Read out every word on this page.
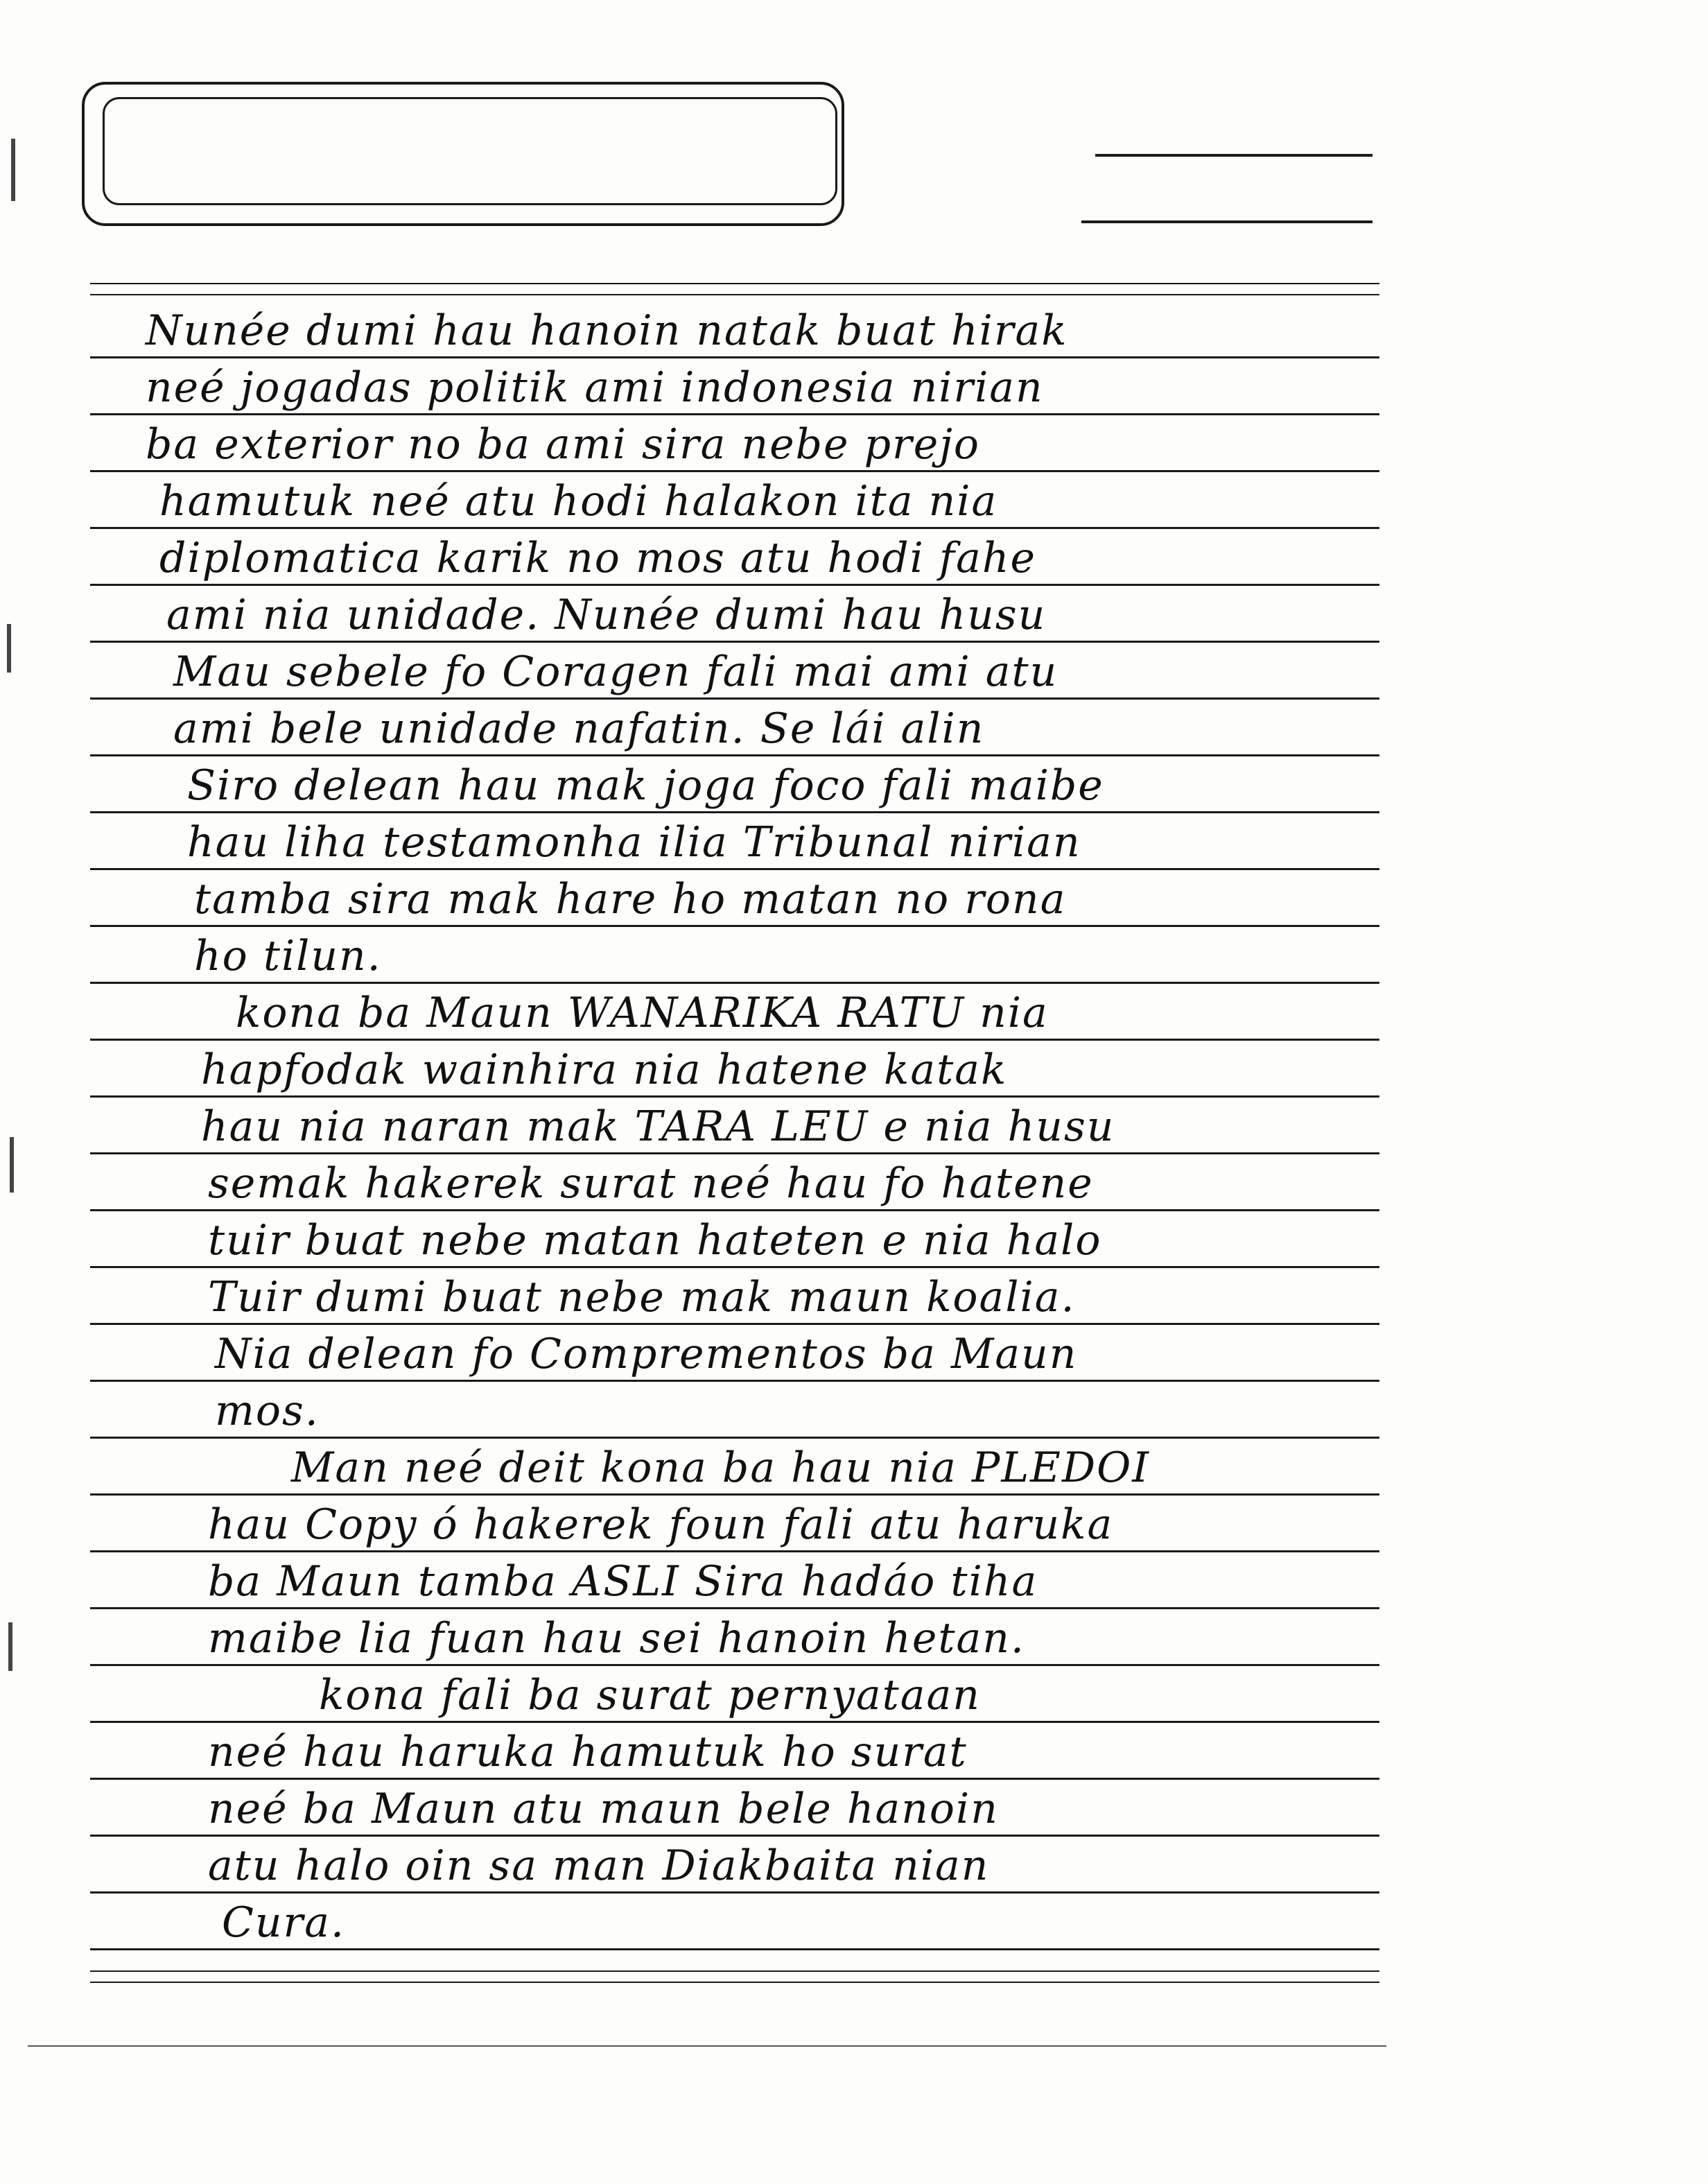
Nunée dumi hau hanoin natak buat hirak
neé jogadas politik ami indonesia nirian
ba exterior no ba ami sira nebe prejo
hamutuk neé atu hodi halakon ita nia
diplomatica karik no mos atu hodi fahe
ami nia unidade. Nunée dumi hau husu
Mau sebele fo Coragen fali mai ami atu
ami bele unidade nafatin. Se lái alin
Siro delean hau mak joga foco fali maibe
hau liha testamonha ilia Tribunal nirian
tamba sira mak hare ho matan no rona
ho tilun.
kona ba Maun WANARIKA RATU nia
hapfodak wainhira nia hatene katak
hau nia naran mak TARA LEU e nia husu
semak hakerek surat neé hau fo hatene
tuir buat nebe matan hateten e nia halo
Tuir dumi buat nebe mak maun koalia.
Nia delean fo Comprementos ba Maun
mos.
Man neé deit kona ba hau nia PLEDOI
hau Copy ó hakerek foun fali atu haruka
ba Maun tamba ASLI Sira hadáo tiha
maibe lia fuan hau sei hanoin hetan.
kona fali ba surat pernyataan
neé hau haruka hamutuk ho surat
neé ba Maun atu maun bele hanoin
atu halo oin sa man Diakbaita nian
Cura.
